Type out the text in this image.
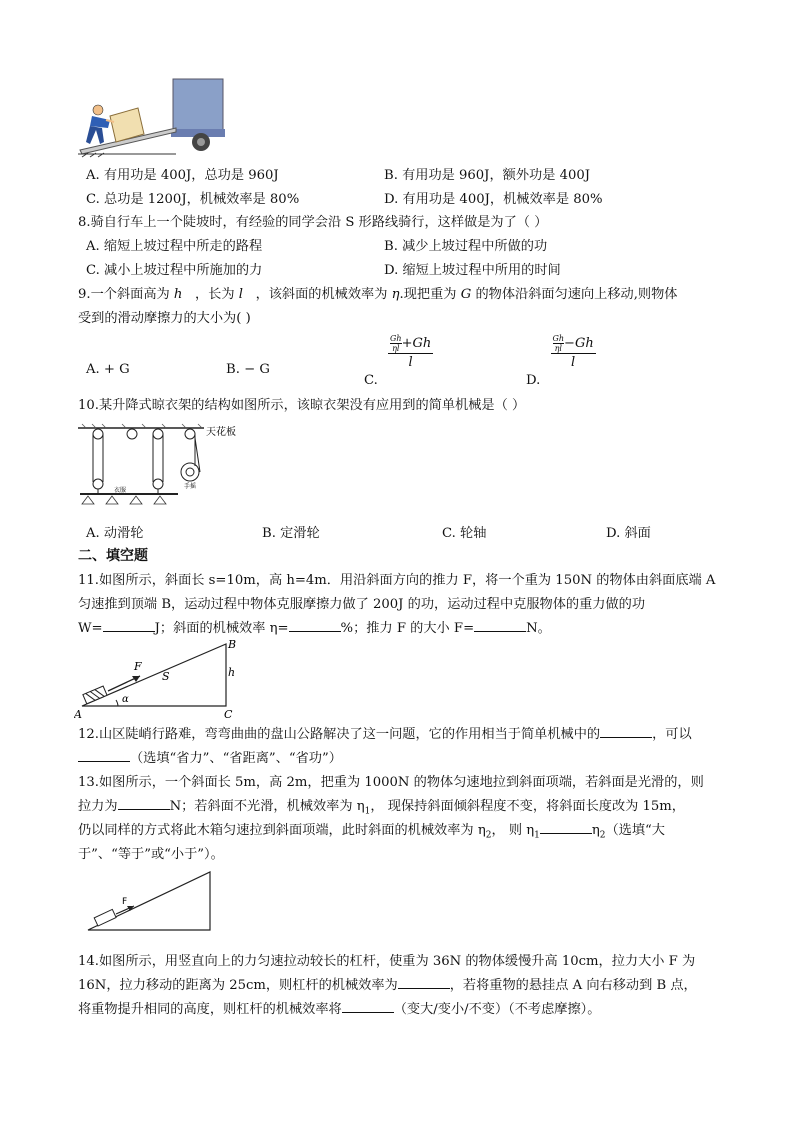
A. 有用功是 400J，总功是 960J	B. 有用功是 960J，额外功是 400J
C. 总功是 1200J，机械效率是 80%	D. 有用功是 400J，机械效率是 80%
8.骑自行车上一个陡坡时，有经验的同学会沿 S 形路线骑行，这样做是为了（ ）
A. 缩短上坡过程中所走的路程	B. 减少上坡过程中所做的功
C. 减小上坡过程中所施加的力	D. 缩短上坡过程中所用的时间
9.一个斜面高为 h ，长为 l ，该斜面的机械效率为 η.现把重为 G 的物体沿斜面匀速向上移动,则物体
受到的滑动摩擦力的大小为( )
A. + G	B. − G
C.
$\frac{\frac{Gh}{\eta l} +Gh}{l}$
D.
$\frac{\frac{Gh}{\eta l} -Gh}{l}$
10.某升降式晾衣架的结构如图所示，该晾衣架没有应用到的简单机械是（ ）
天花板
衣服
手摇
A. 动滑轮	B. 定滑轮	C. 轮轴	D. 斜面
二、填空题
11.如图所示，斜面长 s=10m，高 h=4m．用沿斜面方向的推力 F，将一个重为 150N 的物体由斜面底端 A
匀速推到顶端 B，运动过程中物体克服摩擦力做了 200J 的功，运动过程中克服物体的重力做的功
W=	J；斜面的机械效率 η=	%；推力 F 的大小 F=	N。
F
S	h
A
B
C
α
12.山区陡峭行路难，弯弯曲曲的盘山公路解决了这一问题，它的作用相当于简单机械中的	，可以
（选填“省力”、“省距离”、“省功”）
13.如图所示，一个斜面长 5m，高 2m，把重为 1000N 的物体匀速地拉到斜面项端，若斜面是光滑的，则
拉力为	N；若斜面不光滑，机械效率为 $\eta_1$， 现保持斜面倾斜程度不变，将斜面长度改为 15m，
仍以同样的方式将此木箱匀速拉到斜面项端，此时斜面的机械效率为 $\eta_2$， 则 $\eta_1$	$\eta_2$（选填“大
于”、“等于”或“小于”）。
F
14.如图所示，用竖直向上的力匀速拉动较长的杠杆，使重为 36N 的物体缓慢升高 10cm，拉力大小 F 为
16N，拉力移动的距离为 25cm，则杠杆的机械效率为	，若将重物的悬挂点 A 向右移动到 B 点，
将重物提升相同的高度，则杠杆的机械效率将	（变大/变小/不变）（不考虑摩擦）。
